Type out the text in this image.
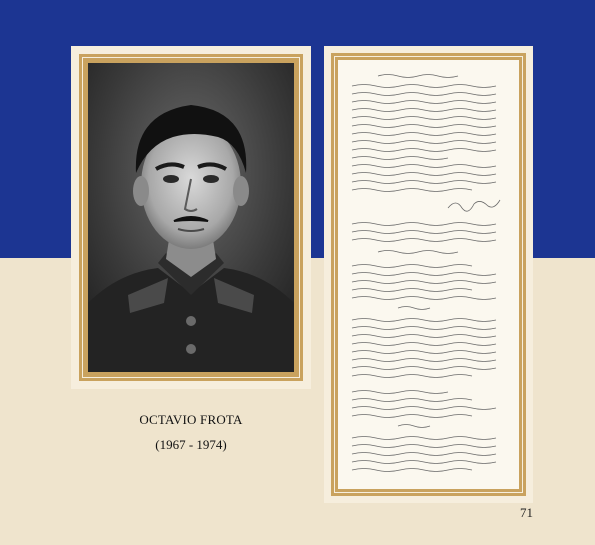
OCTAVIO FROTA
(1967 - 1974)
71
